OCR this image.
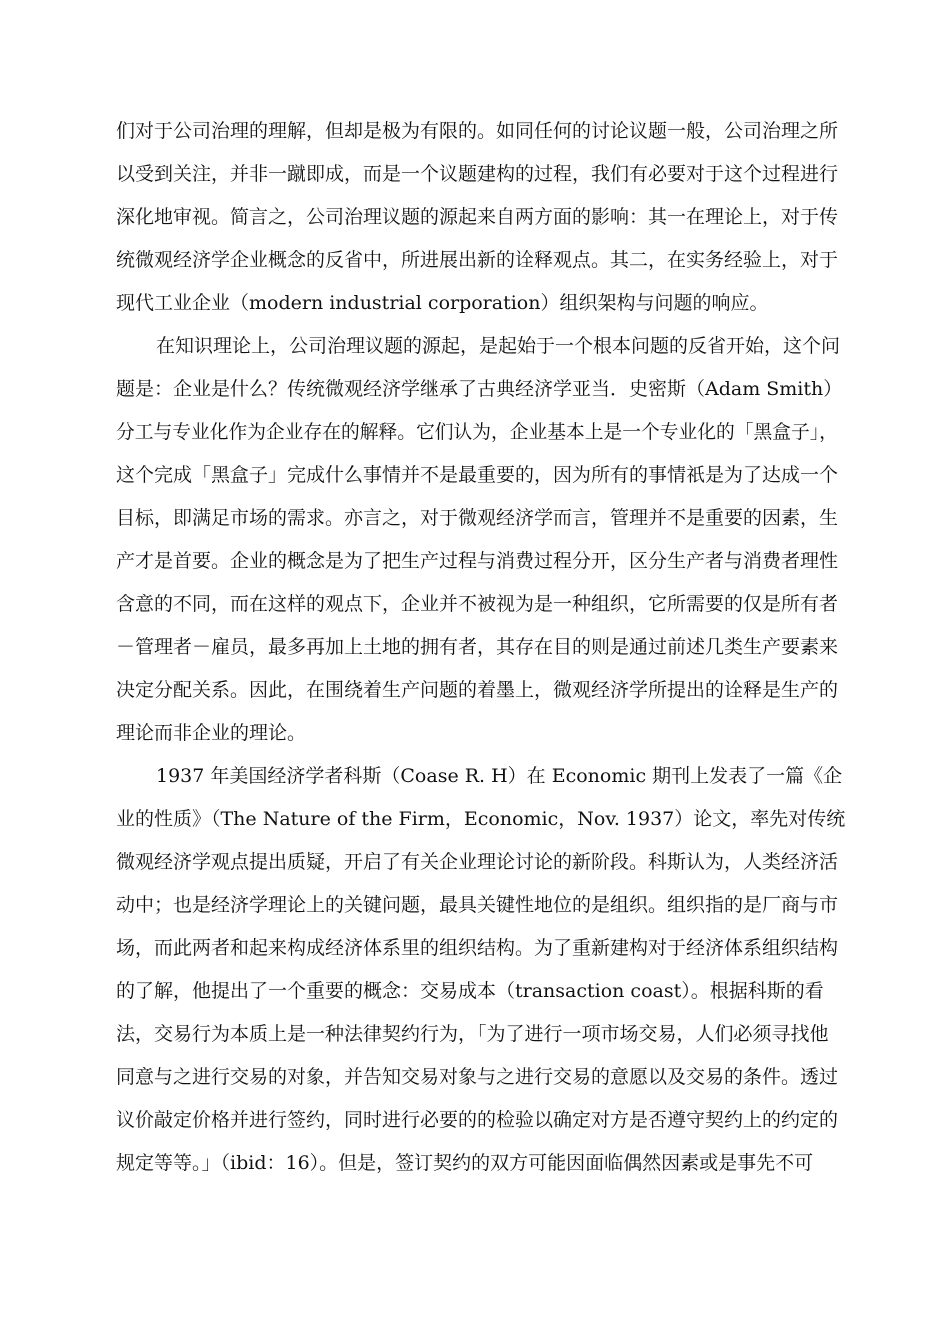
们对于公司治理的理解，但却是极为有限的。如同任何的讨论议题一般，公司治理之所
以受到关注，并非一蹴即成，而是一个议题建构的过程，我们有必要对于这个过程进行
深化地审视。简言之，公司治理议题的源起来自两方面的影响：其一在理论上，对于传
统微观经济学企业概念的反省中，所进展出新的诠释观点。其二，在实务经验上，对于
现代工业企业（modern industrial corporation）组织架构与问题的响应。
在知识理论上，公司治理议题的源起，是起始于一个根本问题的反省开始，这个问
题是：企业是什么？传统微观经济学继承了古典经济学亚当．史密斯（Adam Smith）
分工与专业化作为企业存在的解释。它们认为，企业基本上是一个专业化的「黑盒子」，
这个完成「黑盒子」完成什么事情并不是最重要的，因为所有的事情祇是为了达成一个
目标，即满足市场的需求。亦言之，对于微观经济学而言，管理并不是重要的因素，生
产才是首要。企业的概念是为了把生产过程与消费过程分开，区分生产者与消费者理性
含意的不同，而在这样的观点下，企业并不被视为是一种组织，它所需要的仅是所有者
－管理者－雇员，最多再加上土地的拥有者，其存在目的则是通过前述几类生产要素来
决定分配关系。因此，在围绕着生产问题的着墨上，微观经济学所提出的诠释是生产的
理论而非企业的理论。
1937 年美国经济学者科斯（Coase R. H）在 Economic 期刊上发表了一篇《企
业的性质》（The Nature of the Firm，Economic，Nov. 1937）论文，率先对传统
微观经济学观点提出质疑，开启了有关企业理论讨论的新阶段。科斯认为，人类经济活
动中；也是经济学理论上的关键问题，最具关键性地位的是组织。组织指的是厂商与市
场，而此两者和起来构成经济体系里的组织结构。为了重新建构对于经济体系组织结构
的了解，他提出了一个重要的概念：交易成本（transaction coast）。根据科斯的看
法，交易行为本质上是一种法律契约行为，「为了进行一项市场交易，人们必须寻找他
同意与之进行交易的对象，并告知交易对象与之进行交易的意愿以及交易的条件。透过
议价敲定价格并进行签约，同时进行必要的的检验以确定对方是否遵守契约上的约定的
规定等等。」（ibid：16）。但是，签订契约的双方可能因面临偶然因素或是事先不可
